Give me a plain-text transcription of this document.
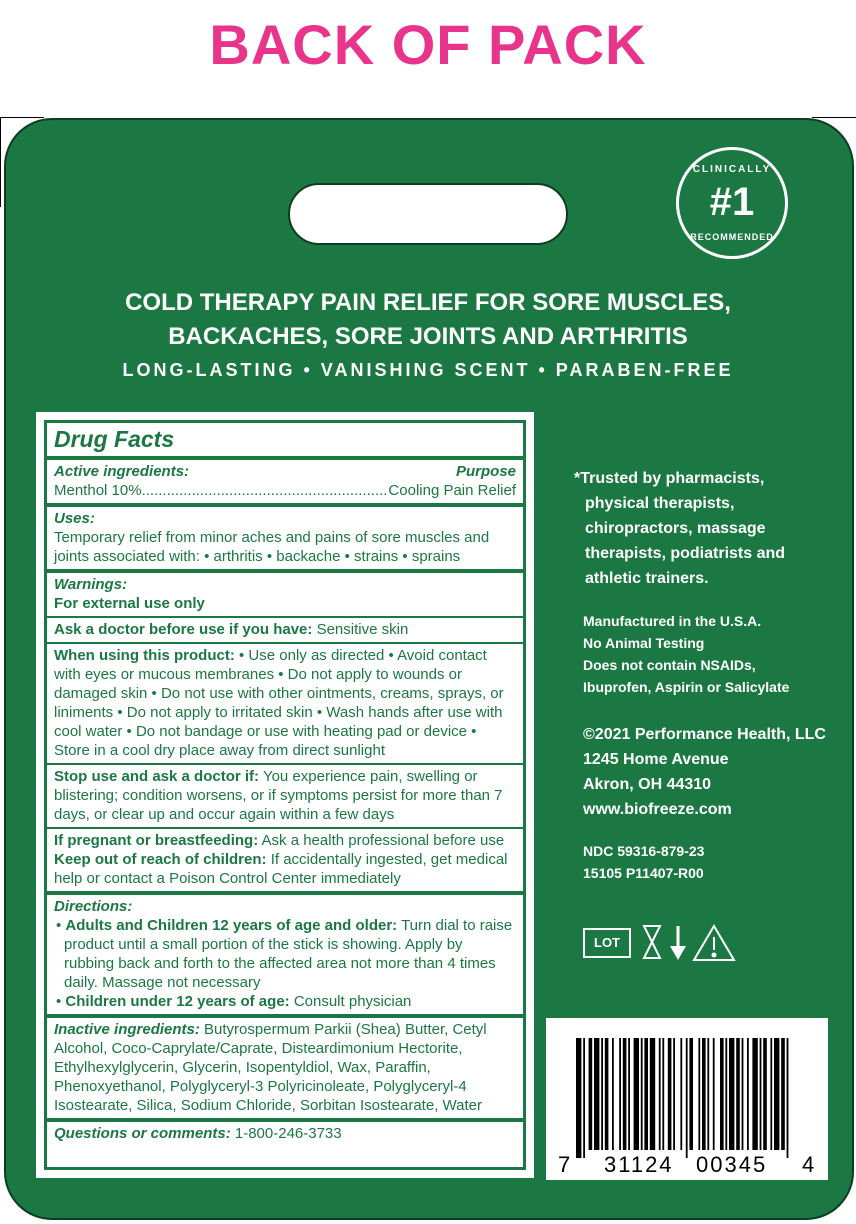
BACK OF PACK
CLINICALLY
#1
RECOMMENDED
COLD THERAPY PAIN RELIEF FOR SORE MUSCLES,
BACKACHES, SORE JOINTS AND ARTHRITIS
LONG-LASTING • VANISHING SCENT • PARABEN-FREE
Drug Facts
Active ingredients:	Purpose
Menthol 10%
.....	Cooling Pain Relief
Uses:
Temporary relief from minor aches and pains of sore muscles and joints associated with: • arthritis • backache • strains • sprains
Warnings:
For external use only
Ask a doctor before use if you have: Sensitive skin
When using this product: • Use only as directed • Avoid contact with eyes or mucous membranes • Do not apply to wounds or damaged skin • Do not use with other ointments, creams, sprays, or liniments • Do not apply to irritated skin • Wash hands after use with cool water • Do not bandage or use with heating pad or device • Store in a cool dry place away from direct sunlight
Stop use and ask a doctor if: You experience pain, swelling or blistering; condition worsens, or if symptoms persist for more than 7 days, or clear up and occur again within a few days
If pregnant or breastfeeding: Ask a health professional before use
Keep out of reach of children: If accidentally ingested, get medical help or contact a Poison Control Center immediately
Directions:
• Adults and Children 12 years of age and older: Turn dial to raise product until a small portion of the stick is showing. Apply by rubbing back and forth to the affected area not more than 4 times daily. Massage not necessary
• Children under 12 years of age: Consult physician
Inactive ingredients: Butyrospermum Parkii (Shea) Butter, Cetyl Alcohol, Coco-Caprylate/Caprate, Disteardimonium Hectorite, Ethylhexylglycerin, Glycerin, Isopentyldiol, Wax, Paraffin, Phenoxyethanol, Polyglyceryl-3 Polyricinoleate, Polyglyceryl-4 Isostearate, Silica, Sodium Chloride, Sorbitan Isostearate, Water
Questions or comments: 1-800-246-3733
*Trusted by pharmacists,
physical therapists,
chiropractors, massage
therapists, podiatrists and
athletic trainers.
Manufactured in the U.S.A.
No Animal Testing
Does not contain NSAIDs,
Ibuprofen, Aspirin or Salicylate
©2021 Performance Health, LLC
1245 Home Avenue
Akron, OH 44310
www.biofreeze.com
NDC 59316-879-23
15105 P11407-R00
LOT
7 31124 00345 4
